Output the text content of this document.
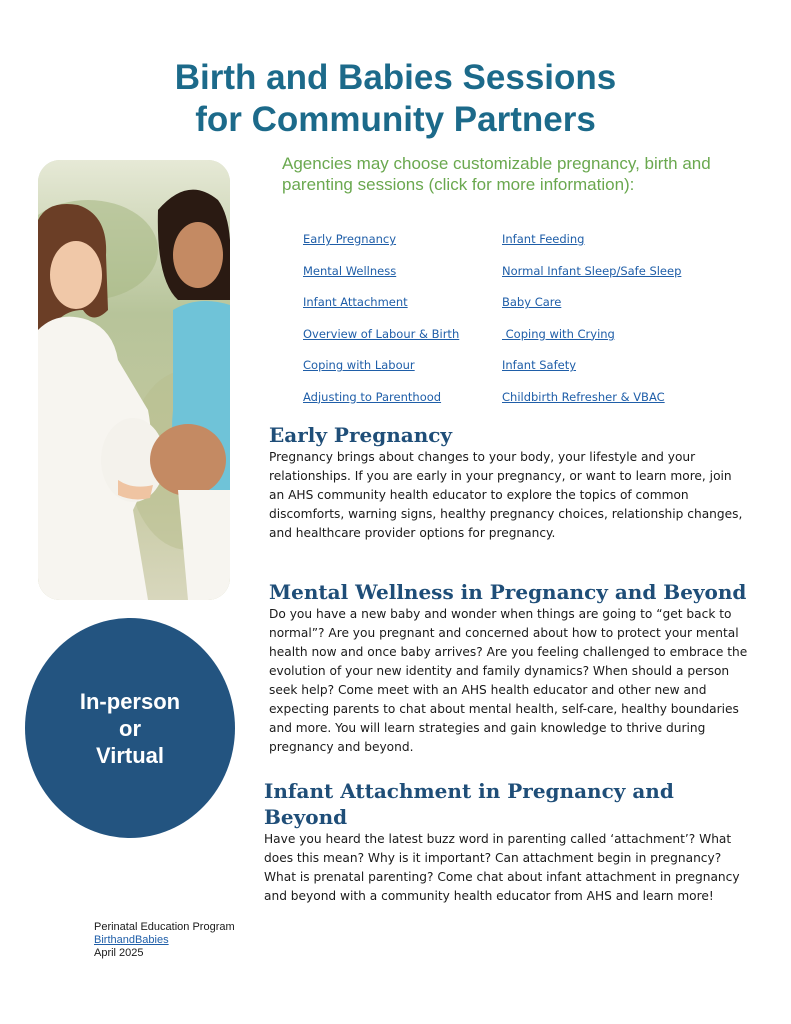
Birth and Babies Sessions
for Community Partners
In-person
or
Virtual
Agencies may choose customizable pregnancy, birth and parenting sessions (click for more information):
Early Pregnancy
Mental Wellness
Infant Attachment
Overview of Labour & Birth
Coping with Labour
Adjusting to Parenthood
Infant Feeding
Normal Infant Sleep/Safe Sleep
Baby Care
Coping with Crying
Infant Safety
Childbirth Refresher & VBAC
Early Pregnancy

Pregnancy brings about changes to your body, your lifestyle and your relationships. If you are early in your pregnancy, or want to learn more, join an AHS community health educator to explore the topics of common discomforts, warning signs, healthy pregnancy choices, relationship changes, and healthcare provider options for pregnancy.

Mental Wellness in Pregnancy and Beyond

Do you have a new baby and wonder when things are going to “get back to normal”? Are you pregnant and concerned about how to protect your mental health now and once baby arrives? Are you feeling challenged to embrace the evolution of your new identity and family dynamics? When should a person seek help? Come meet with an AHS health educator and other new and expecting parents to chat about mental health, self-care, healthy boundaries and more. You will learn strategies and gain knowledge to thrive during pregnancy and beyond.

Infant Attachment in Pregnancy and Beyond

Have you heard the latest buzz word in parenting called ‘attachment’? What does this mean? Why is it important? Can attachment begin in pregnancy? What is prenatal parenting? Come chat about infant attachment in pregnancy and beyond with a community health educator from AHS and learn more!

Perinatal Education Program
BirthandBabies
April 2025
